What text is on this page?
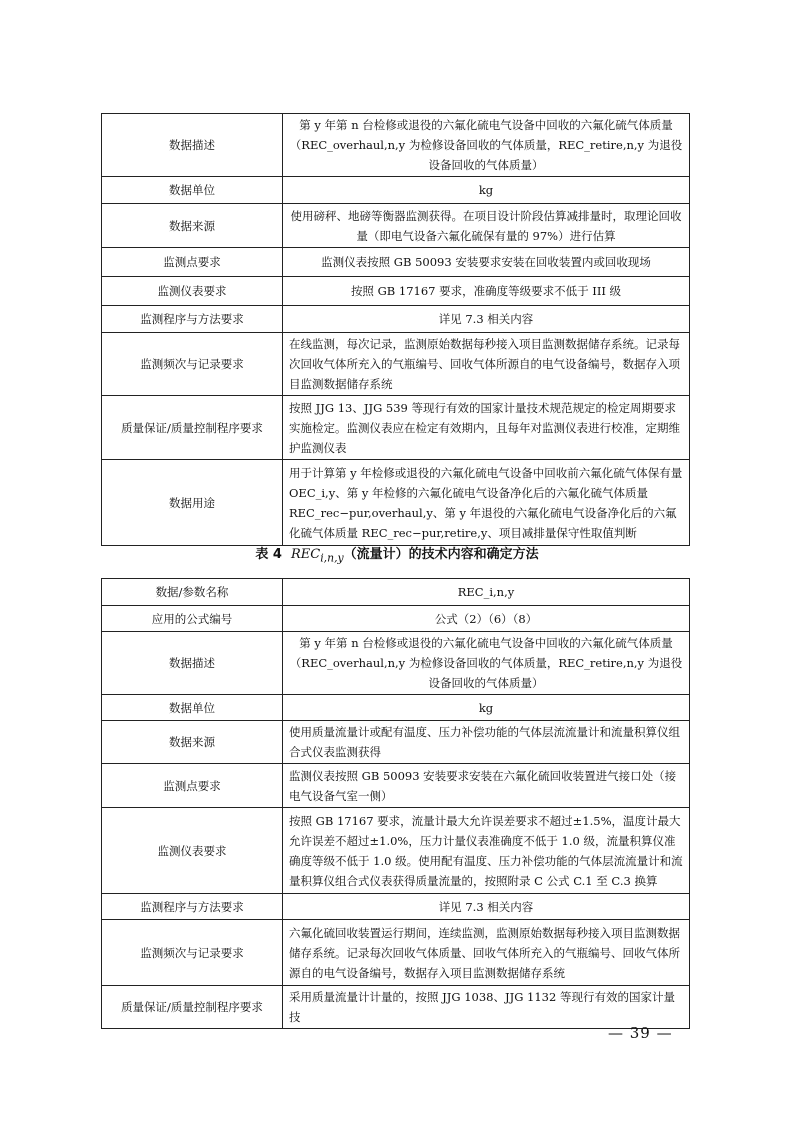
数据描述	第 y 年第 n 台检修或退役的六氟化硫电气设备中回收的六氟化硫气体质量（REC_overhaul,n,y 为检修设备回收的气体质量，REC_retire,n,y 为退役设备回收的气体质量）
数据单位	kg
数据来源	使用磅秤、地磅等衡器监测获得。在项目设计阶段估算减排量时，取理论回收量（即电气设备六氟化硫保有量的 97%）进行估算
监测点要求	监测仪表按照 GB 50093 安装要求安装在回收装置内或回收现场
监测仪表要求	按照 GB 17167 要求，准确度等级要求不低于 III 级
监测程序与方法要求	详见 7.3 相关内容
监测频次与记录要求	在线监测，每次记录，监测原始数据每秒接入项目监测数据储存系统。记录每次回收气体所充入的气瓶编号、回收气体所源自的电气设备编号，数据存入项目监测数据储存系统
质量保证/质量控制程序要求	按照 JJG 13、JJG 539 等现行有效的国家计量技术规范规定的检定周期要求实施检定。监测仪表应在检定有效期内，且每年对监测仪表进行校准，定期维护监测仪表
数据用途	用于计算第 y 年检修或退役的六氟化硫电气设备中回收前六氟化硫气体保有量 OEC_i,y、第 y 年检修的六氟化硫电气设备净化后的六氟化硫气体质量 REC_rec−pur,overhaul,y、第 y 年退役的六氟化硫电气设备净化后的六氟化硫气体质量 REC_rec−pur,retire,y、项目减排量保守性取值判断
表 4 $REC_{i,n,y}$（流量计）的技术内容和确定方法
数据/参数名称	REC_i,n,y
应用的公式编号	公式（2）（6）（8）
数据描述	第 y 年第 n 台检修或退役的六氟化硫电气设备中回收的六氟化硫气体质量（REC_overhaul,n,y 为检修设备回收的气体质量，REC_retire,n,y 为退役设备回收的气体质量）
数据单位	kg
数据来源	使用质量流量计或配有温度、压力补偿功能的气体层流流量计和流量积算仪组合式仪表监测获得
监测点要求	监测仪表按照 GB 50093 安装要求安装在六氟化硫回收装置进气接口处（接电气设备气室一侧）
监测仪表要求	按照 GB 17167 要求，流量计最大允许误差要求不超过±1.5%，温度计最大允许误差不超过±1.0%，压力计量仪表准确度不低于 1.0 级，流量积算仪准确度等级不低于 1.0 级。使用配有温度、压力补偿功能的气体层流流量计和流量积算仪组合式仪表获得质量流量的，按照附录 C 公式 C.1 至 C.3 换算
监测程序与方法要求	详见 7.3 相关内容
监测频次与记录要求	六氟化硫回收装置运行期间，连续监测，监测原始数据每秒接入项目监测数据储存系统。记录每次回收气体质量、回收气体所充入的气瓶编号、回收气体所源自的电气设备编号，数据存入项目监测数据储存系统
质量保证/质量控制程序要求	采用质量流量计计量的，按照 JJG 1038、JJG 1132 等现行有效的国家计量技
— 39 —
